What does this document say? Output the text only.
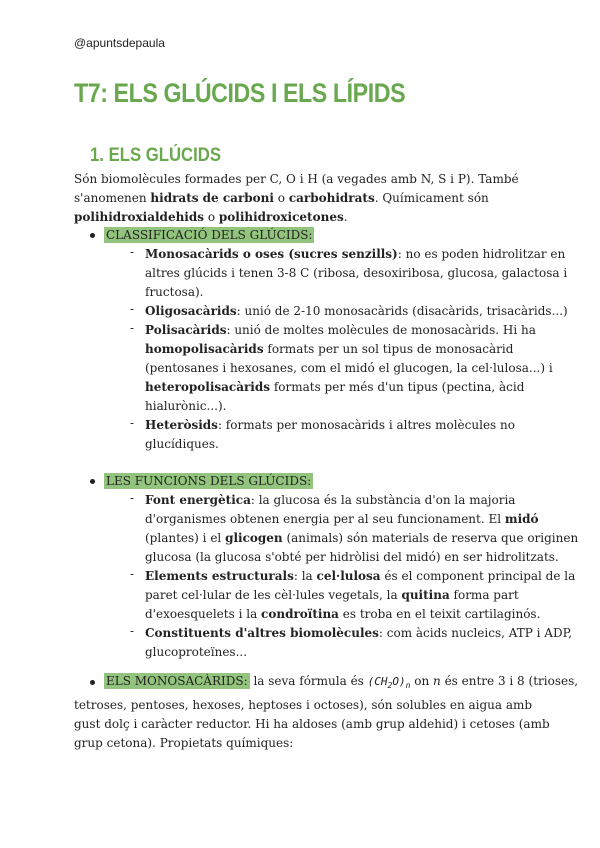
@apuntsdepaula
T7: ELS GLÚCIDS I ELS LÍPIDS
1. ELS GLÚCIDS
Són biomolècules formades per C, O i H (a vegades amb N, S i P). També
s'anomenen hidrats de carboni o carbohidrats. Químicament són
polihidroxialdehids o polihidroxicetones.
CLASSIFICACIÓ DELS GLÚCIDS:
- Monosacàrids o oses (sucres senzills): no es poden hidrolitzar en
altres glúcids i tenen 3-8 C (ribosa, desoxiribosa, glucosa, galactosa i
fructosa).
- Oligosacàrids: unió de 2-10 monosacàrids (disacàrids, trisacàrids...)
- Polisacàrids: unió de moltes molècules de monosacàrids. Hi ha
homopolisacàrids formats per un sol tipus de monosacàrid
(pentosanes i hexosanes, com el midó el glucogen, la cel·lulosa...) i
heteropolisacàrids formats per més d'un tipus (pectina, àcid
hialurònic...).
- Heteròsids: formats per monosacàrids i altres molècules no
glucídiques.
LES FUNCIONS DELS GLÚCIDS:
- Font energètica: la glucosa és la substància d'on la majoria
d'organismes obtenen energia per al seu funcionament. El midó
(plantes) i el glicogen (animals) són materials de reserva que originen
glucosa (la glucosa s'obté per hidròlisi del midó) en ser hidrolitzats.
- Elements estructurals: la cel·lulosa és el component principal de la
paret cel·lular de les cèl·lules vegetals, la quitina forma part
d'exoesquelets i la condroïtina es troba en el teixit cartilaginós.
- Constituents d'altres biomolècules: com àcids nucleics, ATP i ADP,
glucoproteïnes...
ELS MONOSACÀRIDS: la seva fórmula és $(CH_2O)_n$ on n és entre 3 i 8 (trioses,
tetroses, pentoses, hexoses, heptoses i octoses), són solubles en aigua amb
gust dolç i caràcter reductor. Hi ha aldoses (amb grup aldehid) i cetoses (amb
grup cetona). Propietats químiques:
